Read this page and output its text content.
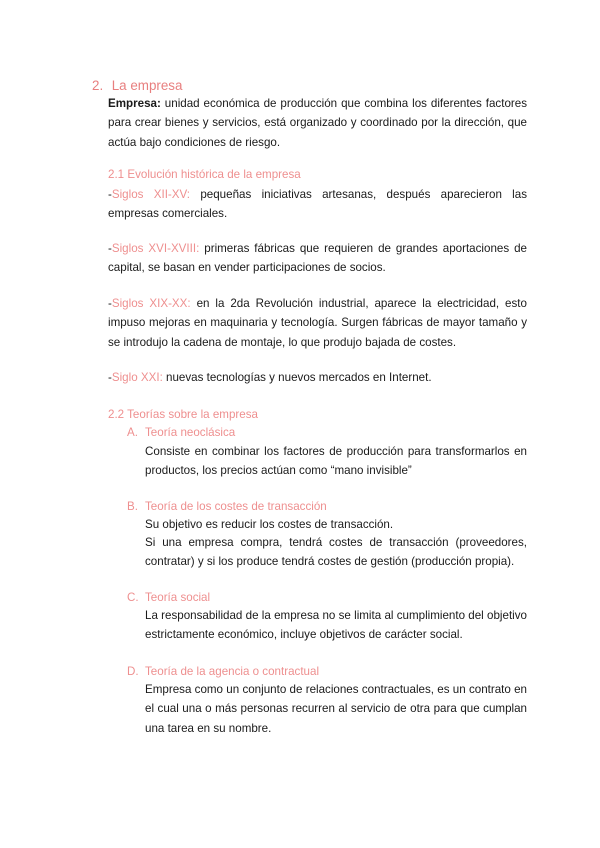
2. La empresa

Empresa: unidad económica de producción que combina los diferentes factores para crear bienes y servicios, está organizado y coordinado por la dirección, que actúa bajo condiciones de riesgo.

2.1 Evolución histórica de la empresa

-Siglos XII-XV: pequeñas iniciativas artesanas, después aparecieron las empresas comerciales.

-Siglos XVI-XVIII: primeras fábricas que requieren de grandes aportaciones de capital, se basan en vender participaciones de socios.

-Siglos XIX-XX: en la 2da Revolución industrial, aparece la electricidad, esto impuso mejoras en maquinaria y tecnología. Surgen fábricas de mayor tamaño y se introdujo la cadena de montaje, lo que produjo bajada de costes.

-Siglo XXI: nuevas tecnologías y nuevos mercados en Internet.

2.2 Teorías sobre la empresa
A. Teoría neoclásica

Consiste en combinar los factores de producción para transformarlos en productos, los precios actúan como “mano invisible”

B. Teoría de los costes de transacción

Su objetivo es reducir los costes de transacción.

Si una empresa compra, tendrá costes de transacción (proveedores, contratar) y si los produce tendrá costes de gestión (producción propia).

C. Teoría social

La responsabilidad de la empresa no se limita al cumplimiento del objetivo estrictamente económico, incluye objetivos de carácter social.

D. Teoría de la agencia o contractual

Empresa como un conjunto de relaciones contractuales, es un contrato en el cual una o más personas recurren al servicio de otra para que cumplan una tarea en su nombre.
